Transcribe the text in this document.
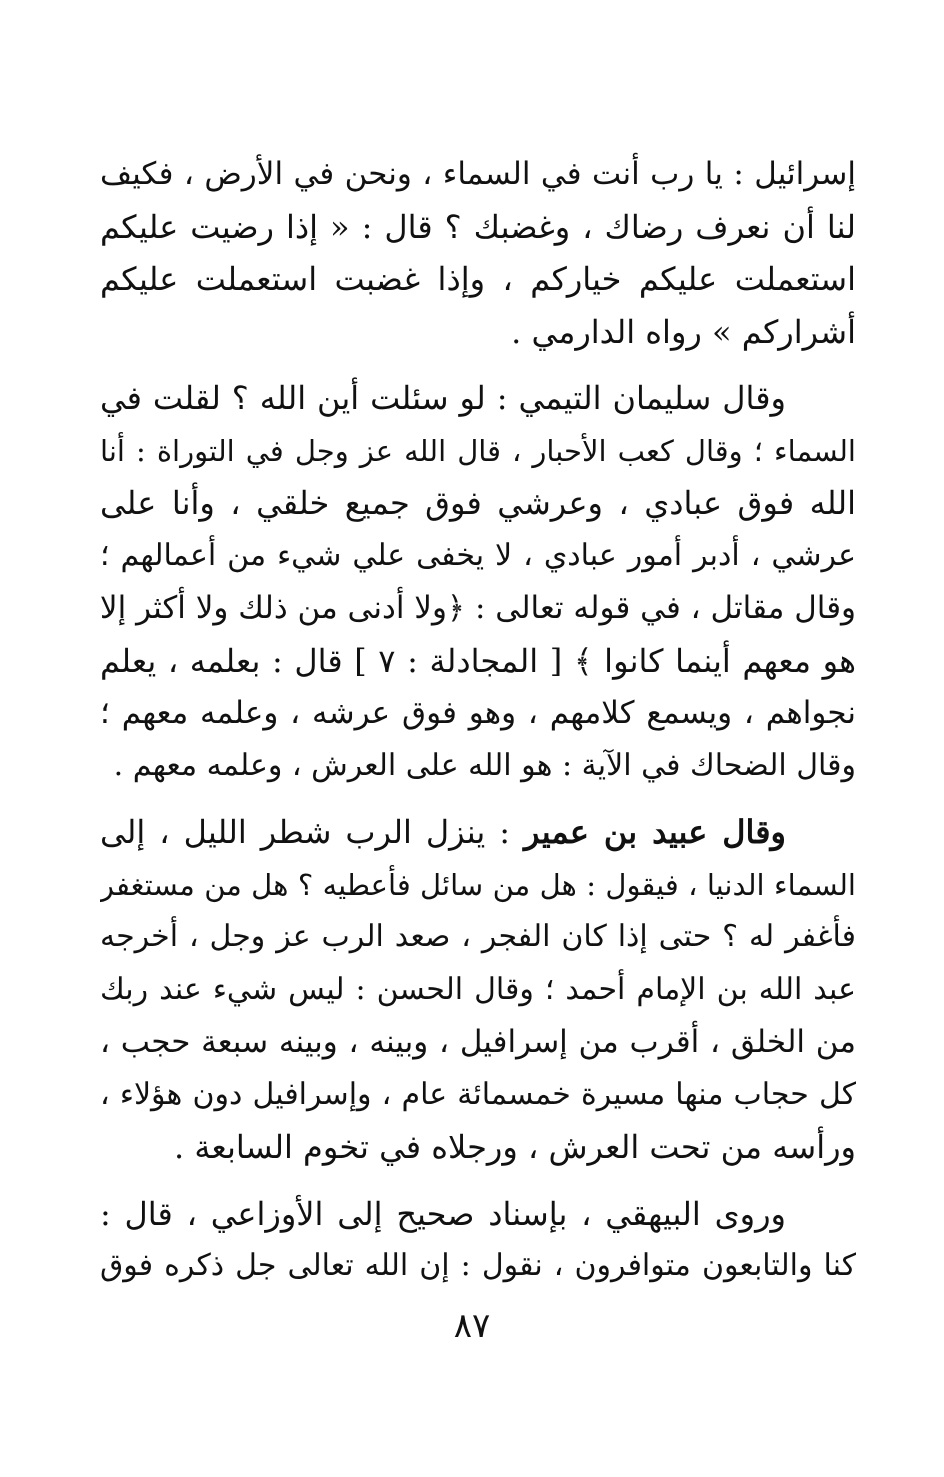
إسرائيل : يا رب أنت في السماء ، ونحن في الأرض ، فكيف
لنا أن نعرف رضاك ، وغضبك ؟ قال : « إذا رضيت عليكم
استعملت عليكم خياركم ، وإذا غضبت استعملت عليكم
أشراركم » رواه الدارمي .

وقال سليمان التيمي : لو سئلت أين الله ؟ لقلت في
السماء ؛ وقال كعب الأحبار ، قال الله عز وجل في التوراة : أنا
الله فوق عبادي ، وعرشي فوق جميع خلقي ، وأنا على
عرشي ، أدبر أمور عبادي ، لا يخفى علي شيء من أعمالهم ؛
وقال مقاتل ، في قوله تعالى : ﴿ولا أدنى من ذلك ولا أكثر إلا
هو معهم أينما كانوا ﴾ [ المجادلة : ٧ ] قال : بعلمه ، يعلم
نجواهم ، ويسمع كلامهم ، وهو فوق عرشه ، وعلمه معهم ؛
وقال الضحاك في الآية : هو الله على العرش ، وعلمه معهم .

وقال عبيد بن عمير : ينزل الرب شطر الليل ، إلى
السماء الدنيا ، فيقول : هل من سائل فأعطيه ؟ هل من مستغفر
فأغفر له ؟ حتى إذا كان الفجر ، صعد الرب عز وجل ، أخرجه
عبد الله بن الإمام أحمد ؛ وقال الحسن : ليس شيء عند ربك
من الخلق ، أقرب من إسرافيل ، وبينه ، وبينه سبعة حجب ،
كل حجاب منها مسيرة خمسمائة عام ، وإسرافيل دون هؤلاء ،
ورأسه من تحت العرش ، ورجلاه في تخوم السابعة .

وروى البيهقي ، بإسناد صحيح إلى الأوزاعي ، قال :
كنا والتابعون متوافرون ، نقول : إن الله تعالى جل ذكره فوق

٨٧
